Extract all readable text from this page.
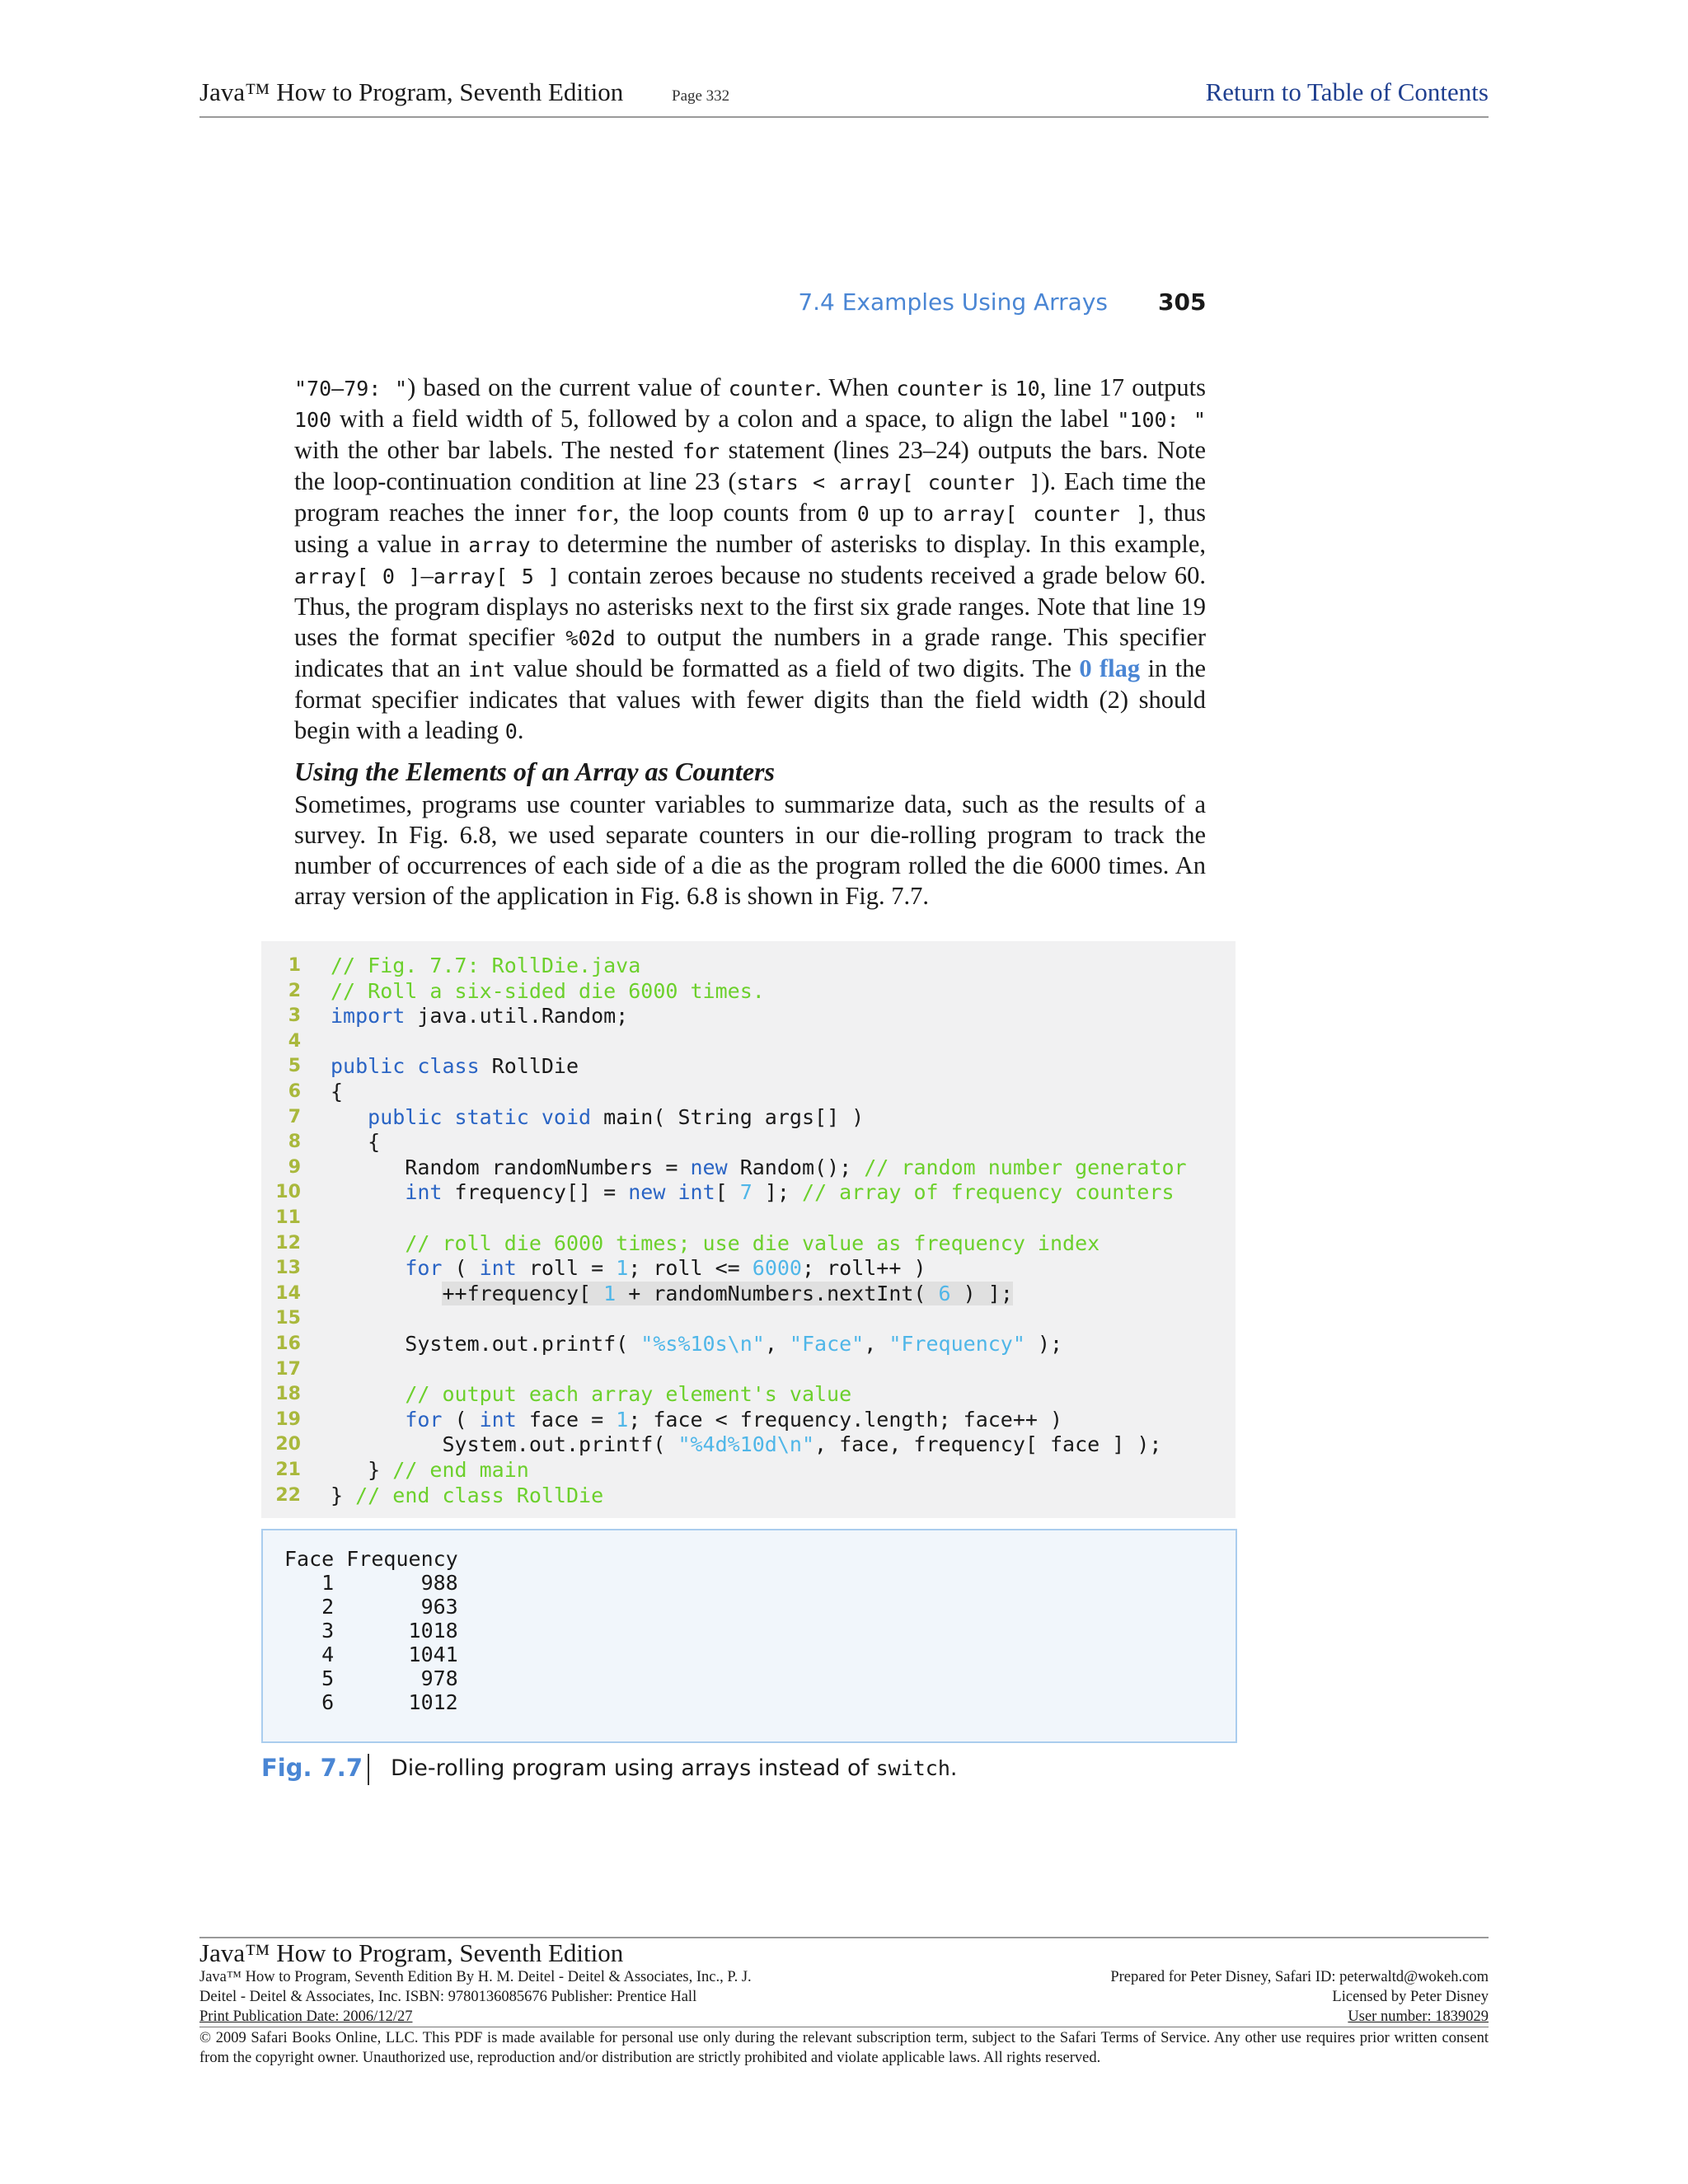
Java™ How to Program, Seventh Edition	Page 332	Return to Table of Contents
7.4 Examples Using Arrays 305

"70–79: ") based on the current value of counter. When counter is 10, line 17 outputs 100 with a field width of 5, followed by a colon and a space, to align the label "100: " with the other bar labels. The nested for statement (lines 23–24) outputs the bars. Note the loop-continuation condition at line 23 (stars < array[ counter ]). Each time the program reaches the inner for, the loop counts from 0 up to array[ counter ], thus using a value in array to determine the number of asterisks to display. In this example, array[ 0 ]–array[ 5 ] contain zeroes because no students received a grade below 60. Thus, the program displays no asterisks next to the first six grade ranges. Note that line 19 uses the format specifier %02d to output the numbers in a grade range. This specifier indicates that an int value should be formatted as a field of two digits. The 0 flag in the format specifier indicates that values with fewer digits than the field width (2) should begin with a leading 0.

Using the Elements of an Array as Counters

Sometimes, programs use counter variables to summarize data, such as the results of a survey. In Fig. 6.8, we used separate counters in our die-rolling program to track the number of occurrences of each side of a die as the program rolled the die 6000 times. An array version of the application in Fig. 6.8 is shown in Fig. 7.7.

1 // Fig. 7.7: RollDie.java
2 // Roll a six-sided die 6000 times.
3 import java.util.Random;
4
5 public class RollDie
6 {
7	public static void main( String args[] )
8 {
9 Random randomNumbers = new Random(); // random number generator
10	int frequency[] = new int[ 7 ]; // array of frequency counters
11
12	// roll die 6000 times; use die value as frequency index
13	for ( int roll = 1; roll <= 6000; roll++ )
14	++frequency[ 1 + randomNumbers.nextInt( 6 ) ];
15
16 System.out.printf( "%s%10s\n", "Face", "Frequency" );
17
18	// output each array element's value
19	for ( int face = 1; face < frequency.length; face++ )
20 System.out.printf( "%4d%10d\n", face, frequency[ face ] );
21 } // end main
22 } // end class RollDie
Face Frequency
1       988
2       963
3      1018
4      1041
5       978
6      1012
Fig. 7.7 Die-rolling program using arrays instead of switch.
Java™ How to Program, Seventh Edition
Java™ How to Program, Seventh Edition By H. M. Deitel - Deitel & Associates, Inc., P. J.
Deitel - Deitel & Associates, Inc. ISBN: 9780136085676 Publisher: Prentice Hall
Print Publication Date: 2006/12/27
Prepared for Peter Disney, Safari ID: peterwaltd@wokeh.com
Licensed by Peter Disney
User number: 1839029

© 2009 Safari Books Online, LLC. This PDF is made available for personal use only during the relevant subscription term, subject to the Safari Terms of Service. Any other use requires prior written consent from the copyright owner. Unauthorized use, reproduction and/or distribution are strictly prohibited and violate applicable laws. All rights reserved.
